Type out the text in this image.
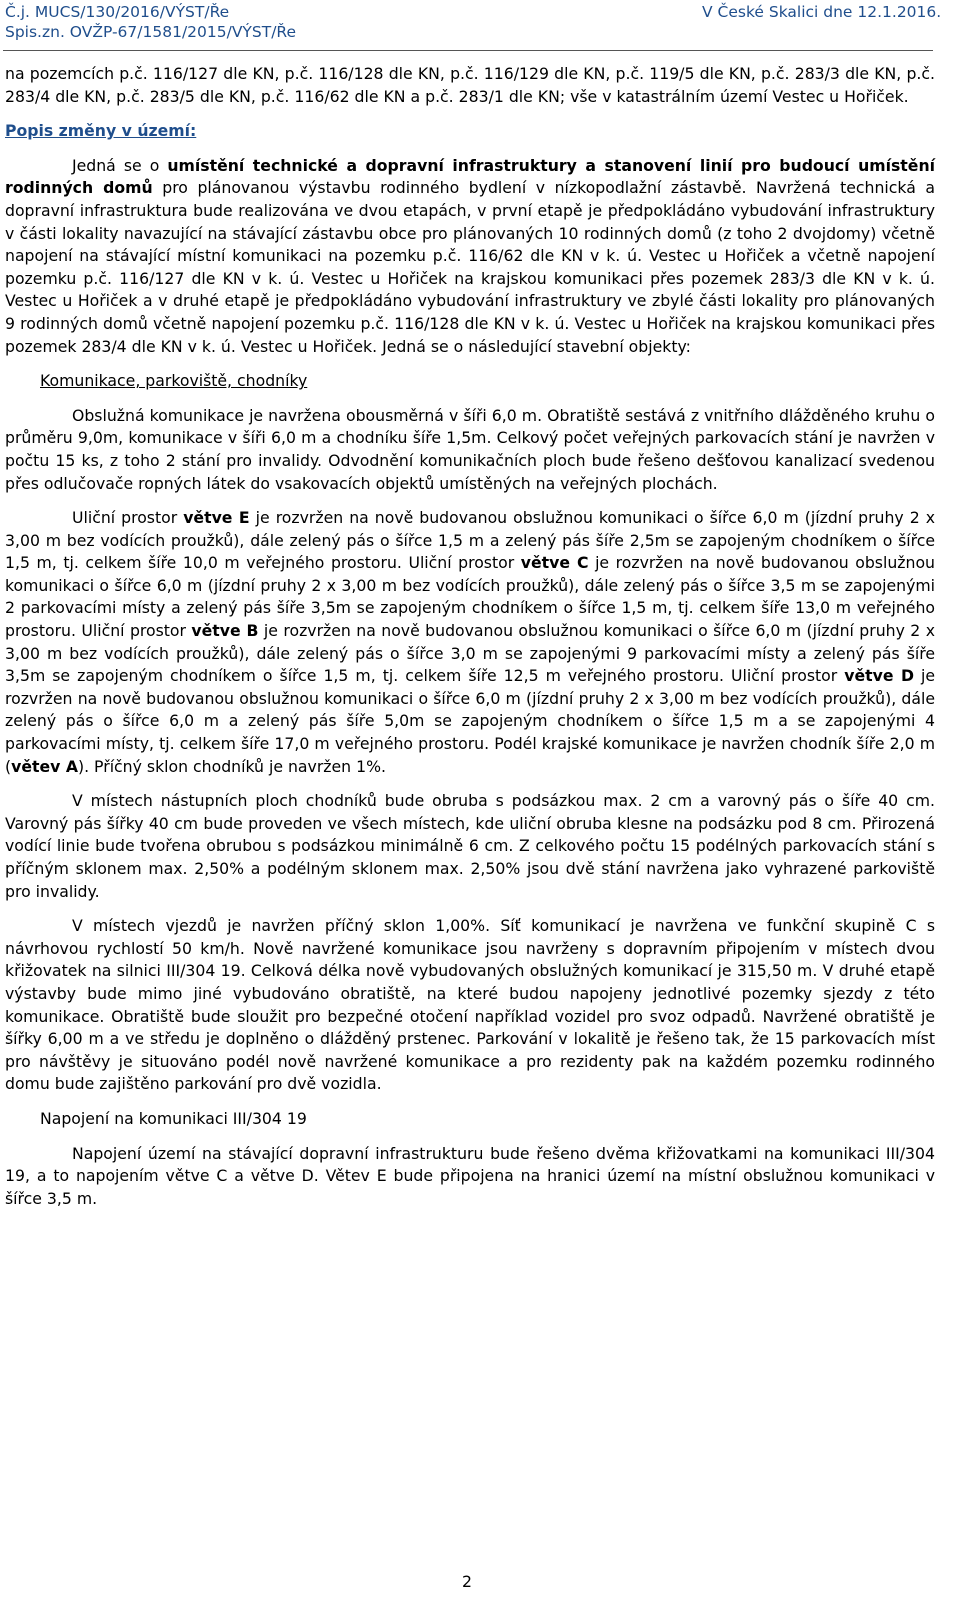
Č.j. MUCS/130/2016/VÝST/Ře
Spis.zn. OVŽP-67/1581/2015/VÝST/Ře
V České Skalici dne 12.1.2016.

na pozemcích p.č. 116/127 dle KN, p.č. 116/128 dle KN, p.č. 116/129 dle KN, p.č. 119/5 dle KN, p.č. 283/3 dle KN, p.č. 283/4 dle KN, p.č. 283/5 dle KN, p.č. 116/62 dle KN a p.č. 283/1 dle KN; vše v katastrálním území Vestec u Hořiček.

Popis změny v území:

Jedná se o umístění technické a dopravní infrastruktury a stanovení linií pro budoucí umístění rodinných domů pro plánovanou výstavbu rodinného bydlení v nízkopodlažní zástavbě. Navržená technická a dopravní infrastruktura bude realizována ve dvou etapách, v první etapě je předpokládáno vybudování infrastruktury v části lokality navazující na stávající zástavbu obce pro plánovaných 10 rodinných domů (z toho 2 dvojdomy) včetně napojení na stávající místní komunikaci na pozemku p.č. 116/62 dle KN v k. ú. Vestec u Hořiček a včetně napojení pozemku p.č. 116/127 dle KN v k. ú. Vestec u Hořiček na krajskou komunikaci přes pozemek 283/3 dle KN v k. ú. Vestec u Hořiček a v druhé etapě je předpokládáno vybudování infrastruktury ve zbylé části lokality pro plánovaných 9 rodinných domů včetně napojení pozemku p.č. 116/128 dle KN v k. ú. Vestec u Hořiček na krajskou komunikaci přes pozemek 283/4 dle KN v k. ú. Vestec u Hořiček. Jedná se o následující stavební objekty:

Komunikace, parkoviště, chodníky

Obslužná komunikace je navržena obousměrná v šíři 6,0 m. Obratiště sestává z vnitřního dlážděného kruhu o průměru 9,0m, komunikace v šíři 6,0 m a chodníku šíře 1,5m. Celkový počet veřejných parkovacích stání je navržen v počtu 15 ks, z toho 2 stání pro invalidy. Odvodnění komunikačních ploch bude řešeno dešťovou kanalizací svedenou přes odlučovače ropných látek do vsakovacích objektů umístěných na veřejných plochách.

Uliční prostor větve E je rozvržen na nově budovanou obslužnou komunikaci o šířce 6,0 m (jízdní pruhy 2 x 3,00 m bez vodících proužků), dále zelený pás o šířce 1,5 m a zelený pás šíře 2,5m se zapojeným chodníkem o šířce 1,5 m, tj. celkem šíře 10,0 m veřejného prostoru. Uliční prostor větve C je rozvržen na nově budovanou obslužnou komunikaci o šířce 6,0 m (jízdní pruhy 2 x 3,00 m bez vodících proužků), dále zelený pás o šířce 3,5 m se zapojenými 2 parkovacími místy a zelený pás šíře 3,5m se zapojeným chodníkem o šířce 1,5 m, tj. celkem šíře 13,0 m veřejného prostoru. Uliční prostor větve B je rozvržen na nově budovanou obslužnou komunikaci o šířce 6,0 m (jízdní pruhy 2 x 3,00 m bez vodících proužků), dále zelený pás o šířce 3,0 m se zapojenými 9 parkovacími místy a zelený pás šíře 3,5m se zapojeným chodníkem o šířce 1,5 m, tj. celkem šíře 12,5 m veřejného prostoru. Uliční prostor větve D je rozvržen na nově budovanou obslužnou komunikaci o šířce 6,0 m (jízdní pruhy 2 x 3,00 m bez vodících proužků), dále zelený pás o šířce 6,0 m a zelený pás šíře 5,0m se zapojeným chodníkem o šířce 1,5 m a se zapojenými 4 parkovacími místy, tj. celkem šíře 17,0 m veřejného prostoru. Podél krajské komunikace je navržen chodník šíře 2,0 m (větev A). Příčný sklon chodníků je navržen 1%.

V místech nástupních ploch chodníků bude obruba s podsázkou max. 2 cm a varovný pás o šíře 40 cm. Varovný pás šířky 40 cm bude proveden ve všech místech, kde uliční obruba klesne na podsázku pod 8 cm. Přirozená vodící linie bude tvořena obrubou s podsázkou minimálně 6 cm. Z celkového počtu 15 podélných parkovacích stání s příčným sklonem max. 2,50% a podélným sklonem max. 2,50% jsou dvě stání navržena jako vyhrazené parkoviště pro invalidy.

V místech vjezdů je navržen příčný sklon 1,00%. Síť komunikací je navržena ve funkční skupině C s návrhovou rychlostí 50 km/h. Nově navržené komunikace jsou navrženy s dopravním připojením v místech dvou křižovatek na silnici III/304 19. Celková délka nově vybudovaných obslužných komunikací je 315,50 m. V druhé etapě výstavby bude mimo jiné vybudováno obratiště, na které budou napojeny jednotlivé pozemky sjezdy z této komunikace. Obratiště bude sloužit pro bezpečné otočení například vozidel pro svoz odpadů. Navržené obratiště je šířky 6,00 m a ve středu je doplněno o dlážděný prstenec. Parkování v lokalitě je řešeno tak, že 15 parkovacích míst pro návštěvy je situováno podél nově navržené komunikace a pro rezidenty pak na každém pozemku rodinného domu bude zajištěno parkování pro dvě vozidla.

Napojení na komunikaci III/304 19

Napojení území na stávající dopravní infrastrukturu bude řešeno dvěma křižovatkami na komunikaci III/304 19, a to napojením větve C a větve D. Větev E bude připojena na hranici území na místní obslužnou komunikaci v šířce 3,5 m.

2
